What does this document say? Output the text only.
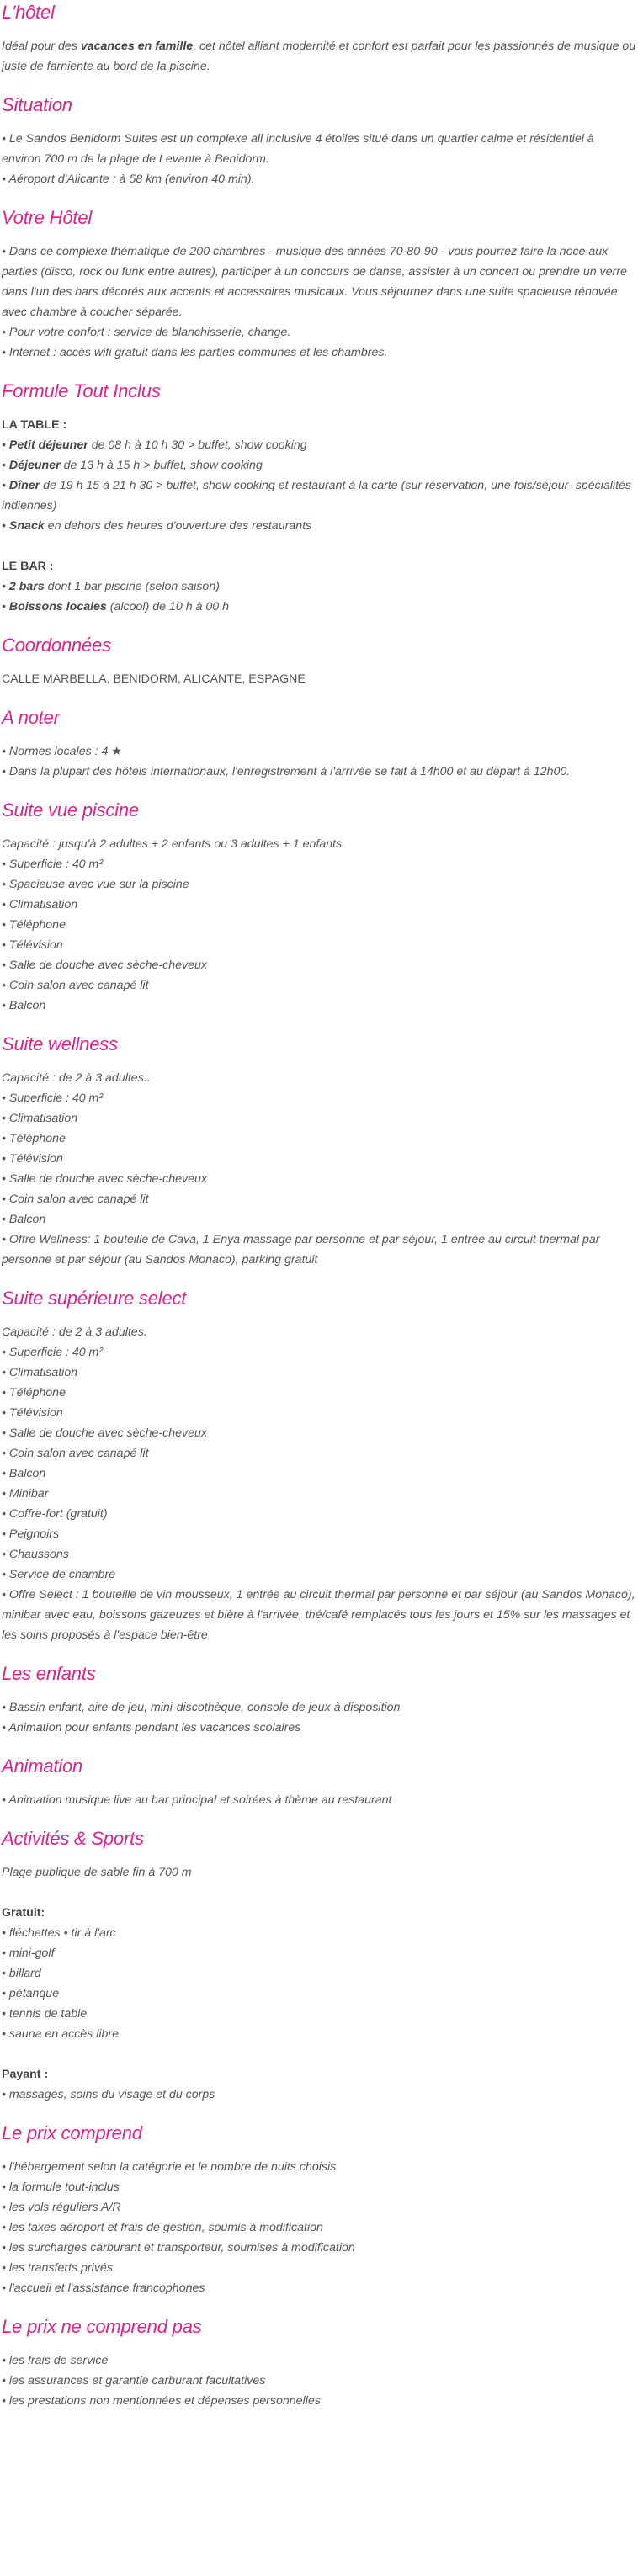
L'hôtel
Idéal pour des vacances en famille, cet hôtel alliant modernité et confort est parfait pour les passionnés de musique ou juste de farniente au bord de la piscine.
Situation
• Le Sandos Benidorm Suites est un complexe all inclusive 4 étoiles situé dans un quartier calme et résidentiel à environ 700 m de la plage de Levante à Benidorm.
• Aéroport d'Alicante : à 58 km (environ 40 min).
Votre Hôtel
• Dans ce complexe thématique de 200 chambres - musique des années 70-80-90 - vous pourrez faire la noce aux parties (disco, rock ou funk entre autres), participer à un concours de danse, assister à un concert ou prendre un verre dans l'un des bars décorés aux accents et accessoires musicaux. Vous séjournez dans une suite spacieuse rénovée avec chambre à coucher séparée.
• Pour votre confort : service de blanchisserie, change.
• Internet : accès wifi gratuit dans les parties communes et les chambres.
Formule Tout Inclus
LA TABLE :
• Petit déjeuner de 08 h à 10 h 30 > buffet, show cooking
• Déjeuner de 13 h à 15 h > buffet, show cooking
• Dîner de 19 h 15 à 21 h 30 > buffet, show cooking et restaurant à la carte (sur réservation, une fois/séjour- spécialités indiennes)
• Snack en dehors des heures d'ouverture des restaurants
LE BAR :
• 2 bars dont 1 bar piscine (selon saison)
• Boissons locales (alcool) de 10 h à 00 h
Coordonnées
CALLE MARBELLA, BENIDORM, ALICANTE, ESPAGNE
A noter
• Normes locales : 4 ★
• Dans la plupart des hôtels internationaux, l'enregistrement à l'arrivée se fait à 14h00 et au départ à 12h00.
Suite vue piscine
Capacité : jusqu'à 2 adultes + 2 enfants ou 3 adultes + 1 enfants.
• Superficie : 40 m²
• Spacieuse avec vue sur la piscine
• Climatisation
• Téléphone
• Télévision
• Salle de douche avec sèche-cheveux
• Coin salon avec canapé lit
• Balcon
Suite wellness
Capacité : de 2 à 3 adultes..
• Superficie : 40 m²
• Climatisation
• Téléphone
• Télévision
• Salle de douche avec sèche-cheveux
• Coin salon avec canapé lit
• Balcon
• Offre Wellness: 1 bouteille de Cava, 1 Enya massage par personne et par séjour, 1 entrée au circuit thermal par personne et par séjour (au Sandos Monaco), parking gratuit
Suite supérieure select
Capacité : de 2 à 3 adultes.
• Superficie : 40 m²
• Climatisation
• Téléphone
• Télévision
• Salle de douche avec sèche-cheveux
• Coin salon avec canapé lit
• Balcon
• Minibar
• Coffre-fort (gratuit)
• Peignoirs
• Chaussons
• Service de chambre
• Offre Select : 1 bouteille de vin mousseux, 1 entrée au circuit thermal par personne et par séjour (au Sandos Monaco), minibar avec eau, boissons gazeuzes et bière à l'arrivée, thé/café remplacés tous les jours et 15% sur les massages et les soins proposés à l'espace bien-être
Les enfants
• Bassin enfant, aire de jeu, mini-discothèque, console de jeux à disposition
• Animation pour enfants pendant les vacances scolaires
Animation
• Animation musique live au bar principal et soirées à thème au restaurant
Activités & Sports
Plage publique de sable fin à 700 m
Gratuit:
• fléchettes • tir à l'arc
• mini-golf
• billard
• pétanque
• tennis de table
• sauna en accès libre
Payant :
• massages, soins du visage et du corps
Le prix comprend
• l'hébergement selon la catégorie et le nombre de nuits choisis
• la formule tout-inclus
• les vols réguliers A/R
• les taxes aéroport et frais de gestion, soumis à modification
• les surcharges carburant et transporteur, soumises à modification
• les transferts privés
• l'accueil et l'assistance francophones
Le prix ne comprend pas
• les frais de service
• les assurances et garantie carburant facultatives
• les prestations non mentionnées et dépenses personnelles
